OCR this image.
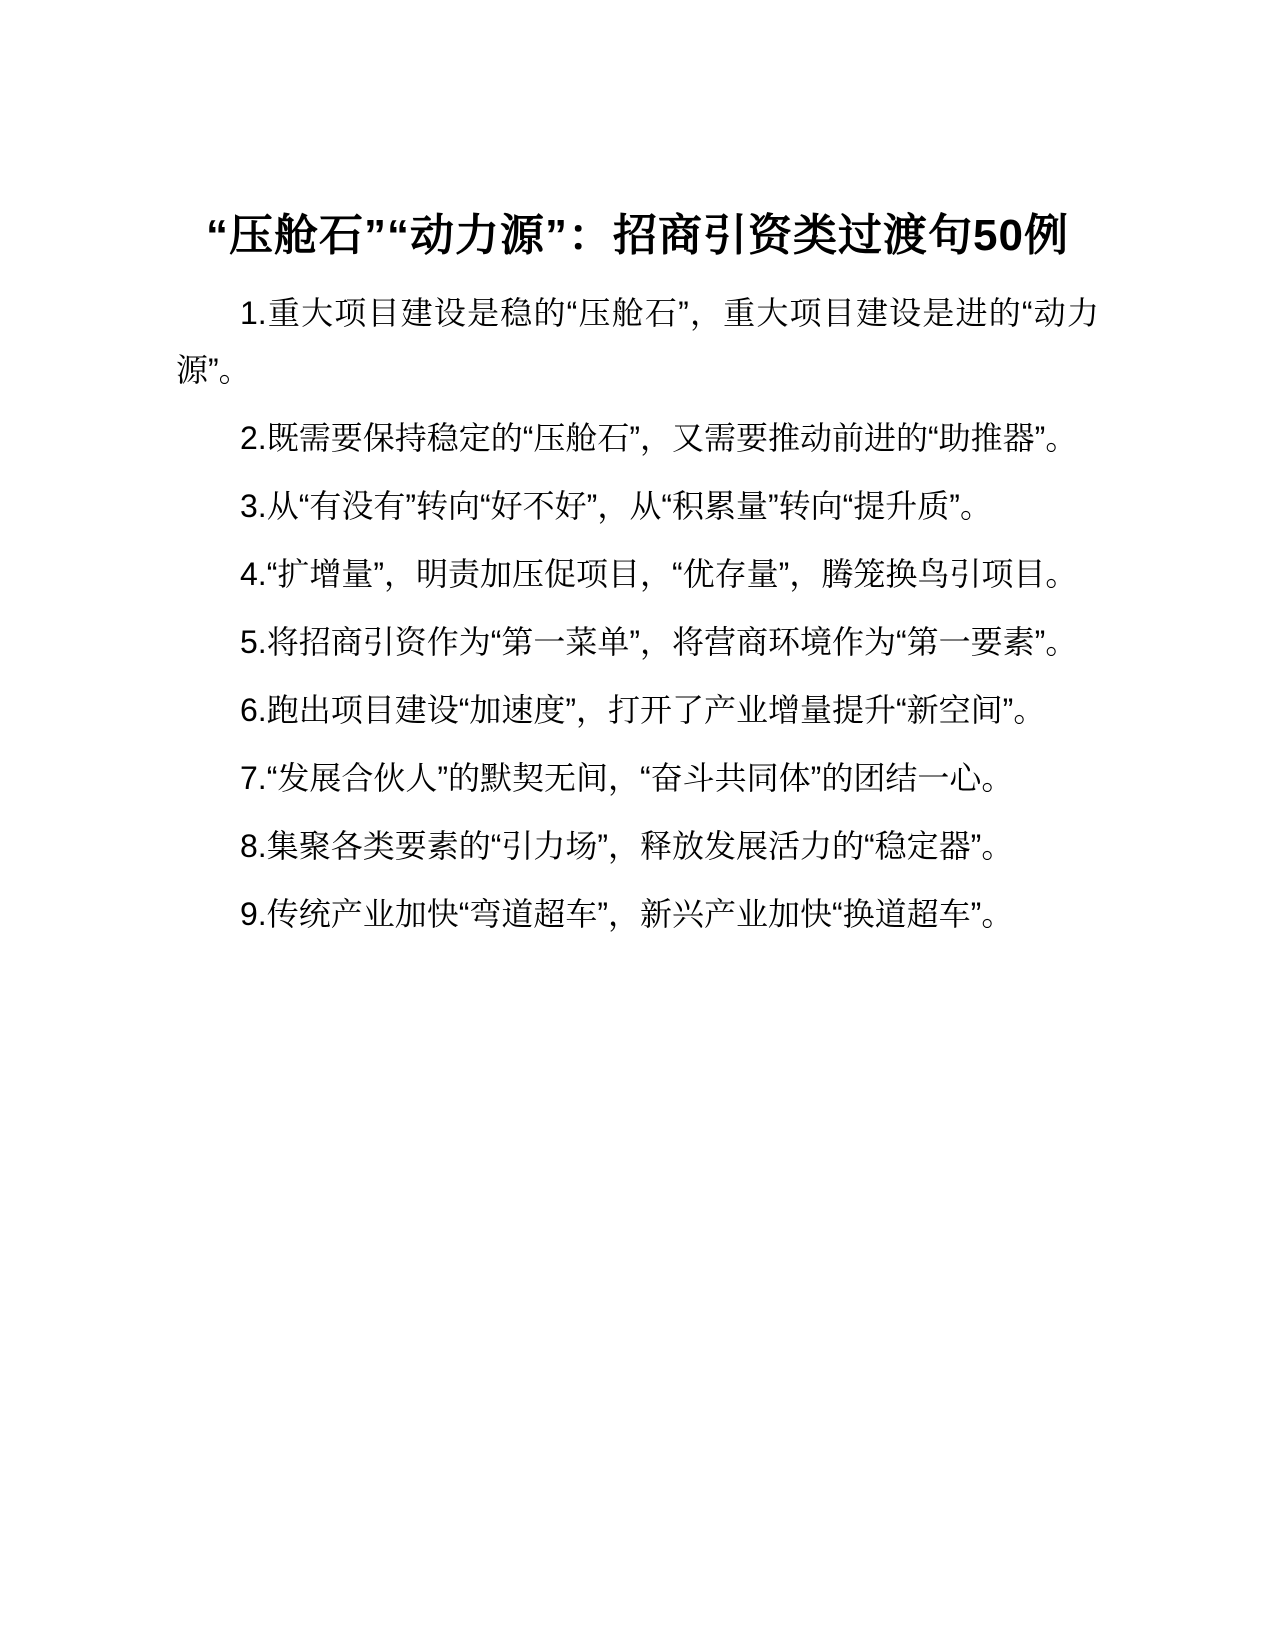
“压舱石”“动力源”：招商引资类过渡句50例

1.重大项目建设是稳的“压舱石”，重大项目建设是进的“动力源”。

2.既需要保持稳定的“压舱石”，又需要推动前进的“助推器”。

3.从“有没有”转向“好不好”，从“积累量”转向“提升质”。

4.“扩增量”，明责加压促项目，“优存量”，腾笼换鸟引项目。

5.将招商引资作为“第一菜单”，将营商环境作为“第一要素”。

6.跑出项目建设“加速度”，打开了产业增量提升“新空间”。

7.“发展合伙人”的默契无间，“奋斗共同体”的团结一心。

8.集聚各类要素的“引力场”，释放发展活力的“稳定器”。

9.传统产业加快“弯道超车”，新兴产业加快“换道超车”。
